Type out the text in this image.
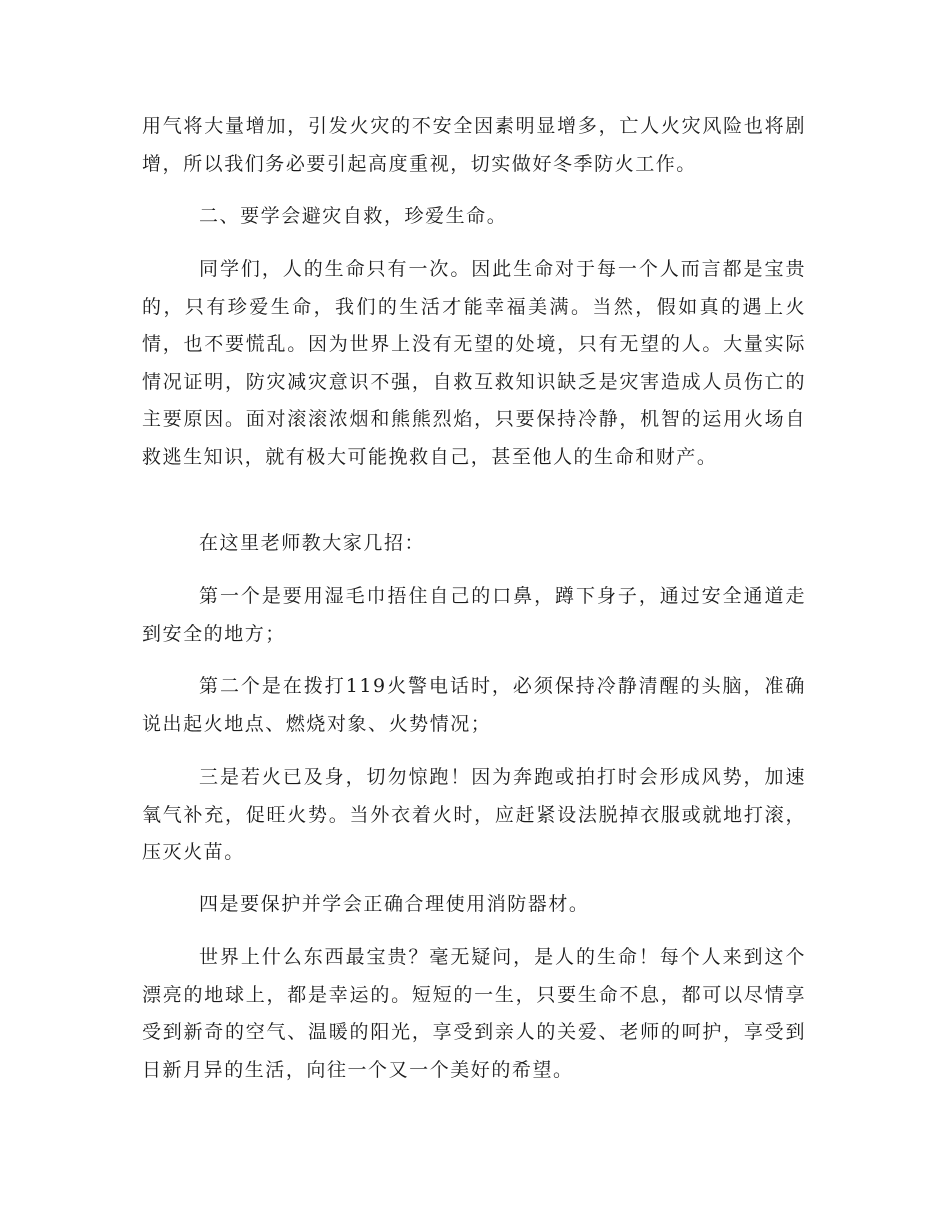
用气将大量增加，引发火灾的不安全因素明显增多，亡人火灾风险也将剧增，所以我们务必要引起高度重视，切实做好冬季防火工作。

二、要学会避灾自救，珍爱生命。

同学们，人的生命只有一次。因此生命对于每一个人而言都是宝贵的，只有珍爱生命，我们的生活才能幸福美满。当然，假如真的遇上火情，也不要慌乱。因为世界上没有无望的处境，只有无望的人。大量实际情况证明，防灾减灾意识不强，自救互救知识缺乏是灾害造成人员伤亡的主要原因。面对滚滚浓烟和熊熊烈焰，只要保持冷静，机智的运用火场自救逃生知识，就有极大可能挽救自己，甚至他人的生命和财产。

在这里老师教大家几招：

第一个是要用湿毛巾捂住自己的口鼻，蹲下身子，通过安全通道走到安全的地方；

第二个是在拨打119火警电话时，必须保持冷静清醒的头脑，准确说出起火地点、燃烧对象、火势情况；

三是若火已及身，切勿惊跑！因为奔跑或拍打时会形成风势，加速氧气补充，促旺火势。当外衣着火时，应赶紧设法脱掉衣服或就地打滚，压灭火苗。

四是要保护并学会正确合理使用消防器材。

世界上什么东西最宝贵？毫无疑问，是人的生命！每个人来到这个漂亮的地球上，都是幸运的。短短的一生，只要生命不息，都可以尽情享受到新奇的空气、温暖的阳光，享受到亲人的关爱、老师的呵护，享受到日新月异的生活，向往一个又一个美好的希望。
